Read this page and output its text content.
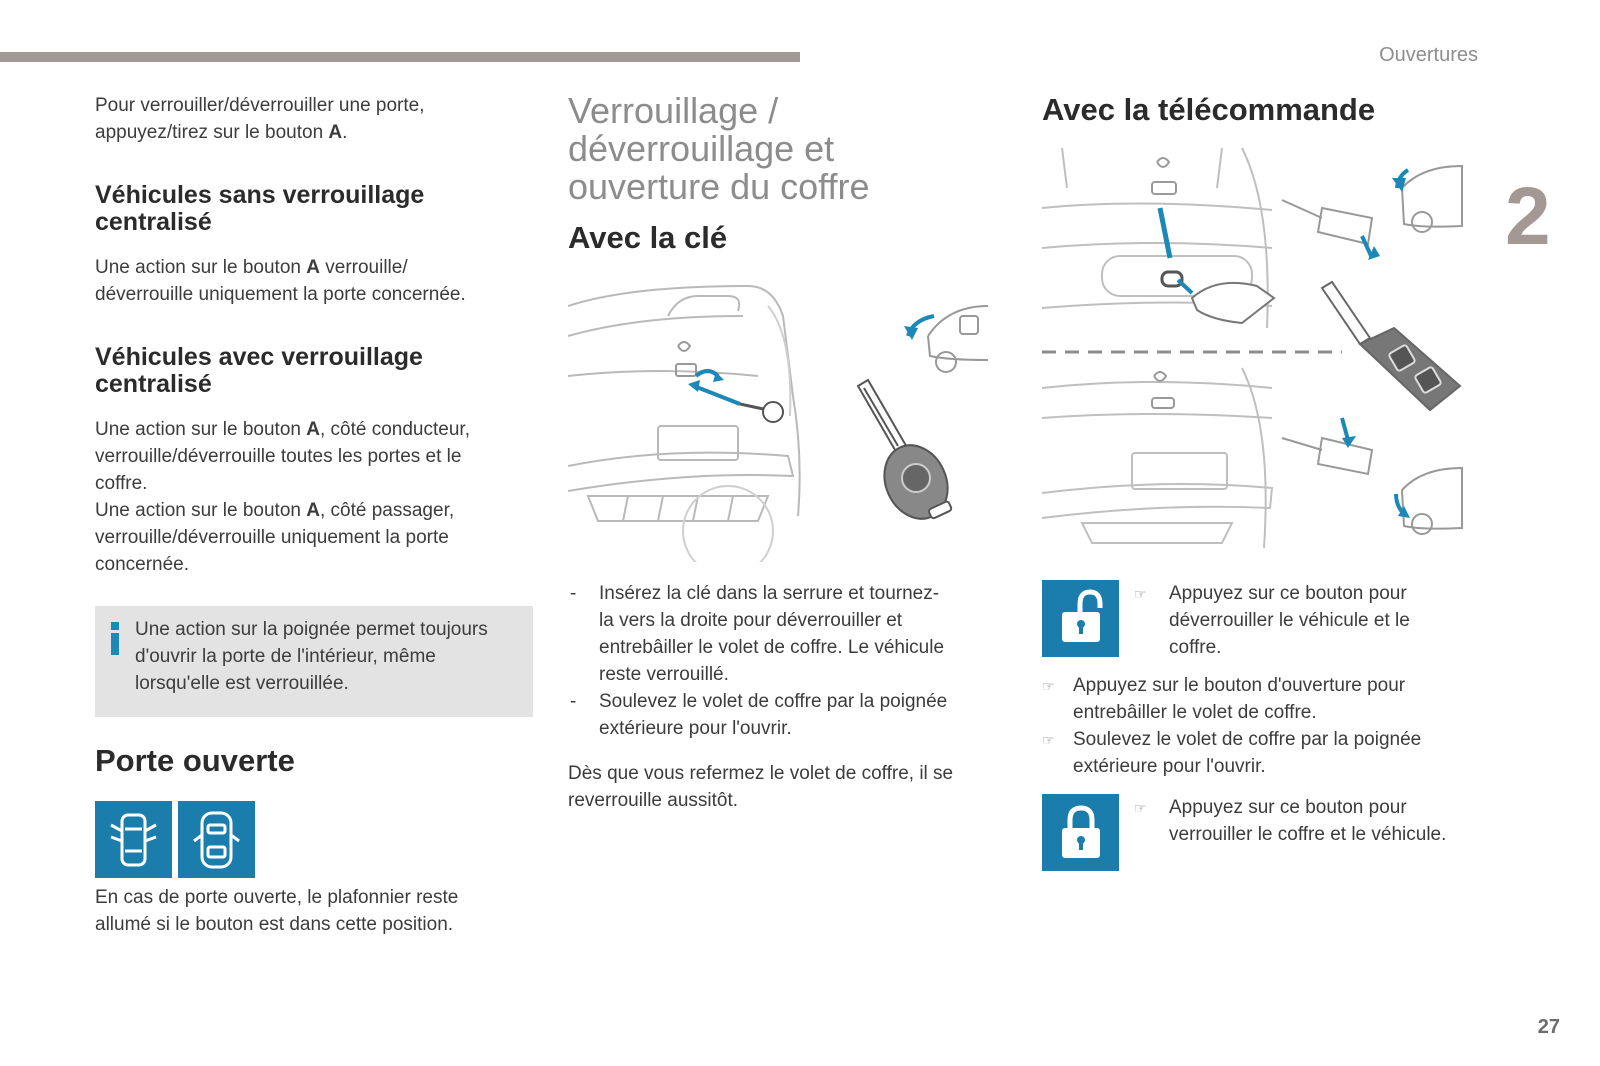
Ouvertures
2
27

Pour verrouiller/déverrouiller une porte,
appuyez/tirez sur le bouton A.

Véhicules sans verrouillage
centralisé

Une action sur le bouton A verrouille/
déverrouille uniquement la porte concernée.

Véhicules avec verrouillage
centralisé

Une action sur le bouton A, côté conducteur,
verrouille/déverrouille toutes les portes et le
coffre.
Une action sur le bouton A, côté passager,
verrouille/déverrouille uniquement la porte
concernée.

Une action sur la poignée permet toujours
d'ouvrir la porte de l'intérieur, même
lorsqu'elle est verrouillée.

Porte ouverte

En cas de porte ouverte, le plafonnier reste
allumé si le bouton est dans cette position.

Verrouillage /
déverrouillage et
ouverture du coffre
Avec la clé

- Insérez la clé dans la serrure et tournez-
la vers la droite pour déverrouiller et
entrebâiller le volet de coffre. Le véhicule
reste verrouillé.

- Soulevez le volet de coffre par la poignée
extérieure pour l'ouvrir.

Dès que vous refermez le volet de coffre, il se
reverrouille aussitôt.

Avec la télécommande

☞ Appuyez sur ce bouton pour
déverrouiller le véhicule et le
coffre.

☞ Appuyez sur le bouton d'ouverture pour
entrebâiller le volet de coffre.

☞ Soulevez le volet de coffre par la poignée
extérieure pour l'ouvrir.

☞ Appuyez sur ce bouton pour
verrouiller le coffre et le véhicule.
